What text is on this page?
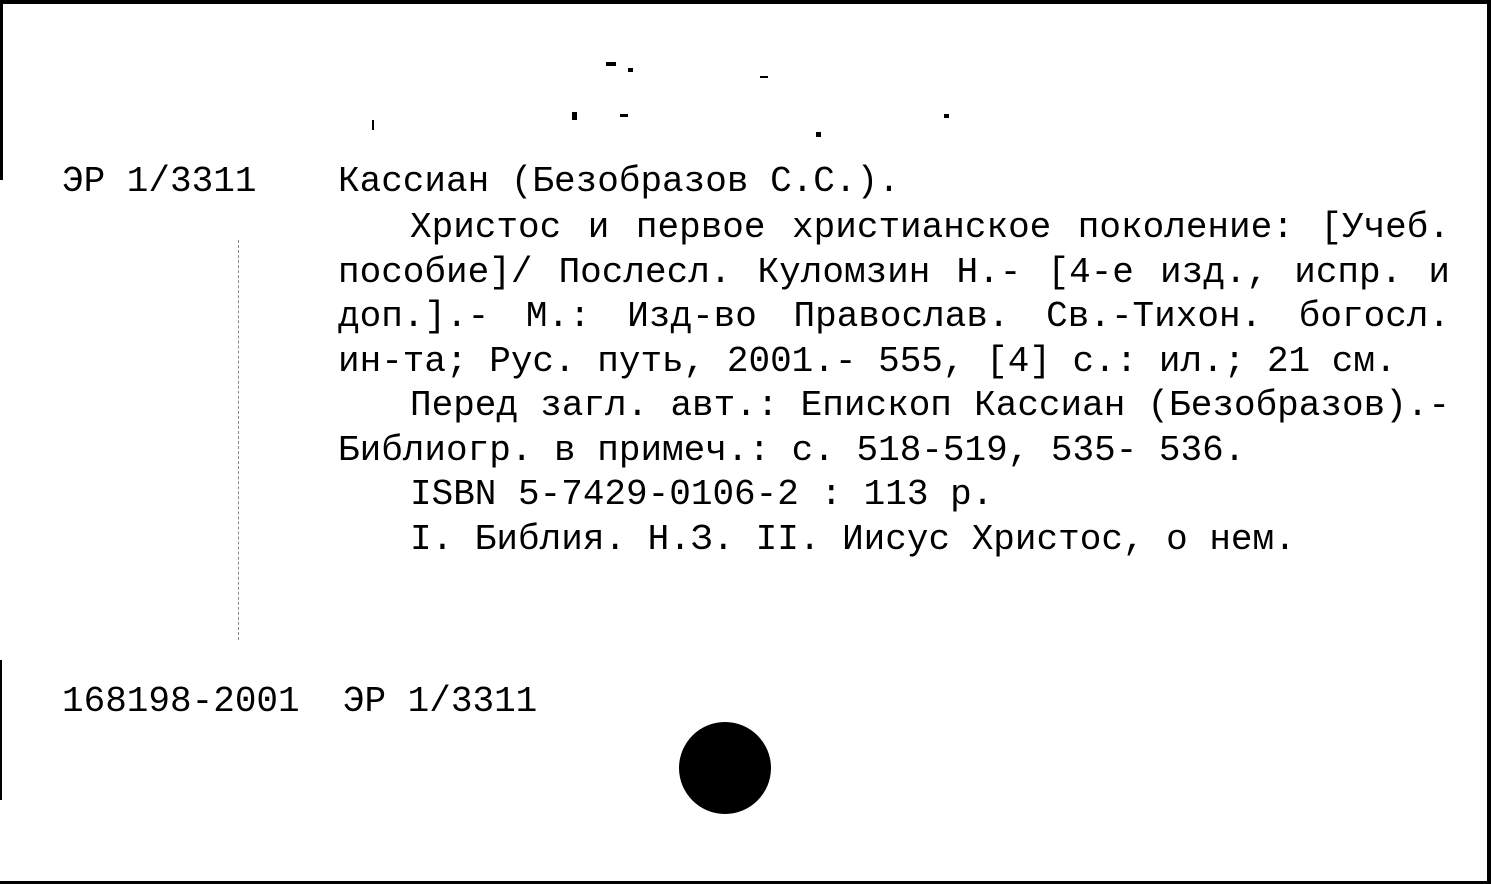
ЭР 1/3311 Кассиан (Безобразов С.С.).

Христос и первое христианское поколение: [Учеб. пособие]/ Послесл. Куломзин Н.- [4-е изд., испр. и доп.].- М.: Изд-во Православ. Св.-Тихон. богосл. ин-та; Рус. путь, 2001.- 555, [4] с.: ил.; 21 см.

Перед загл. авт.: Епископ Кассиан (Безобразов).- Библиогр. в примеч.: с. 518-519, 535- 536.

ISBN 5-7429-0106-2 : 113 р.

I. Библия. Н.З. II. Иисус Христос, о нем.

168198-2001  ЭР 1/3311
